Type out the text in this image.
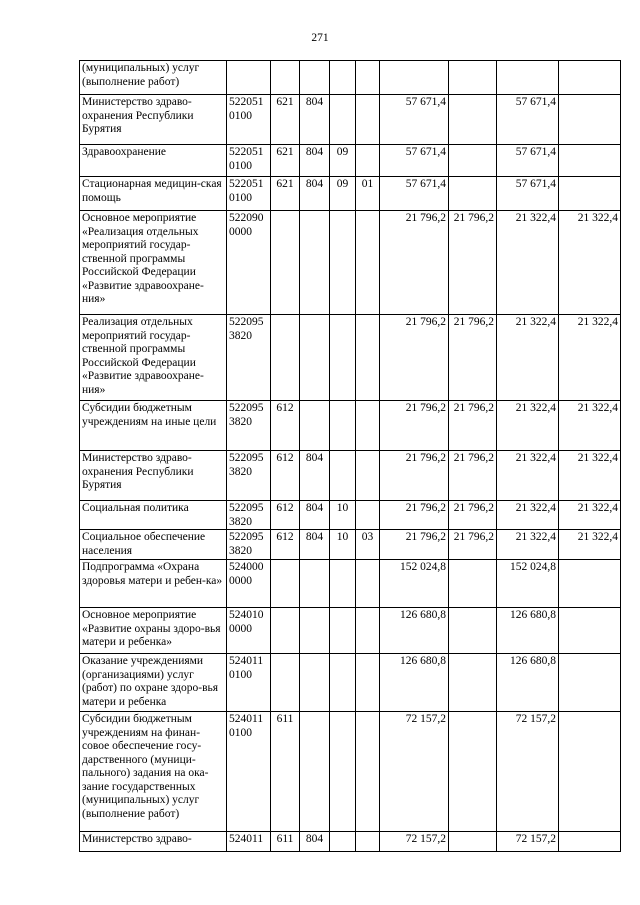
271
(муниципальных) услуг (выполнение работ)									
Министерство здраво-охранения Республики Бурятия	522051 0100	621	804			57 671,4		57 671,4	
Здравоохранение	522051 0100	621	804	09		57 671,4		57 671,4	
Стационарная медицин-ская помощь	522051 0100	621	804	09	01	57 671,4		57 671,4	
Основное мероприятие «Реализация отдельных мероприятий государ-ственной программы Российской Федерации «Развитие здравоохране-ния»	522090 0000					21 796,2	21 796,2	21 322,4	21 322,4
Реализация отдельных мероприятий государ-ственной программы Российской Федерации «Развитие здравоохране-ния»	522095 3820					21 796,2	21 796,2	21 322,4	21 322,4
Субсидии бюджетным учреждениям на иные цели	522095 3820	612				21 796,2	21 796,2	21 322,4	21 322,4
Министерство здраво-охранения Республики Бурятия	522095 3820	612	804			21 796,2	21 796,2	21 322,4	21 322,4
Социальная политика	522095 3820	612	804	10		21 796,2	21 796,2	21 322,4	21 322,4
Социальное обеспечение населения	522095 3820	612	804	10	03	21 796,2	21 796,2	21 322,4	21 322,4
Подпрограмма «Охрана здоровья матери и ребен-ка»	524000 0000					152 024,8		152 024,8	
Основное мероприятие «Развитие охраны здоро-вья матери и ребенка»	524010 0000					126 680,8		126 680,8	
Оказание учреждениями (организациями) услуг (работ) по охране здоро-вья матери и ребенка	524011 0100					126 680,8		126 680,8	
Субсидии бюджетным учреждениям на финан-совое обеспечение госу-дарственного (муници-пального) задания на ока-зание государственных (муниципальных) услуг (выполнение работ)	524011 0100	611				72 157,2		72 157,2	
Министерство здраво-	524011	611	804			72 157,2		72 157,2	
